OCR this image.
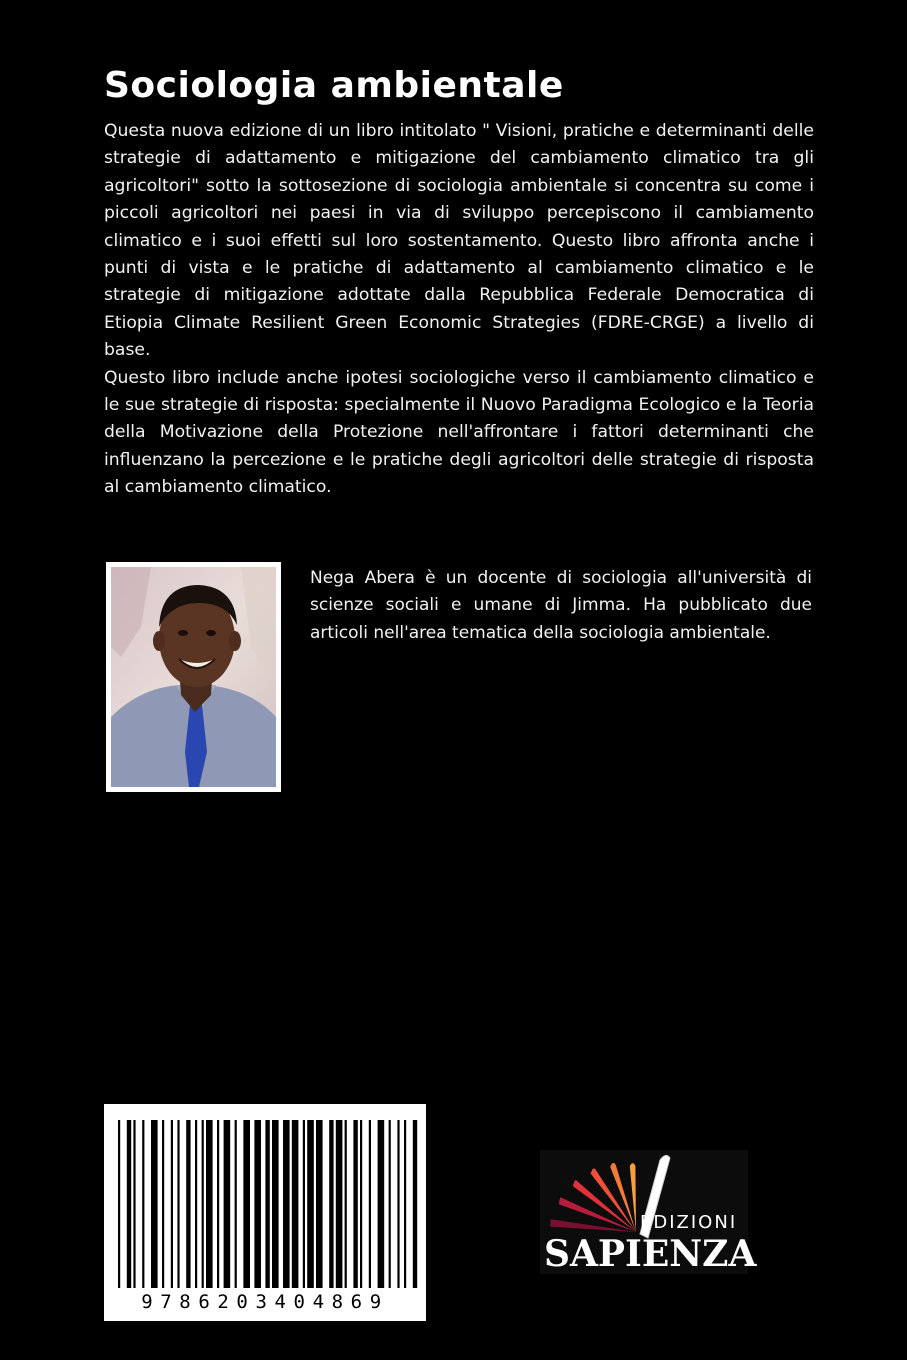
Sociologia ambientale

Questa nuova edizione di un libro intitolato " Visioni, pratiche e determinanti delle strategie di adattamento e mitigazione del cambiamento climatico tra gli agricoltori" sotto la sottosezione di sociologia ambientale si concentra su come i piccoli agricoltori nei paesi in via di sviluppo percepiscono il cambiamento climatico e i suoi effetti sul loro sostentamento. Questo libro affronta anche i punti di vista e le pratiche di adattamento al cambiamento climatico e le strategie di mitigazione adottate dalla Repubblica Federale Democratica di Etiopia Climate Resilient Green Economic Strategies (FDRE-CRGE) a livello di base.

Questo libro include anche ipotesi sociologiche verso il cambiamento climatico e le sue strategie di risposta: specialmente il Nuovo Paradigma Ecologico e la Teoria della Motivazione della Protezione nell'affrontare i fattori determinanti che influenzano la percezione e le pratiche degli agricoltori delle strategie di risposta al cambiamento climatico.

Nega Abera è un docente di sociologia all'università di scienze sociali e umane di Jimma. Ha pubblicato due articoli nell'area tematica della sociologia ambientale.

9786203404869
EDIZIONI
SAPIENZA
